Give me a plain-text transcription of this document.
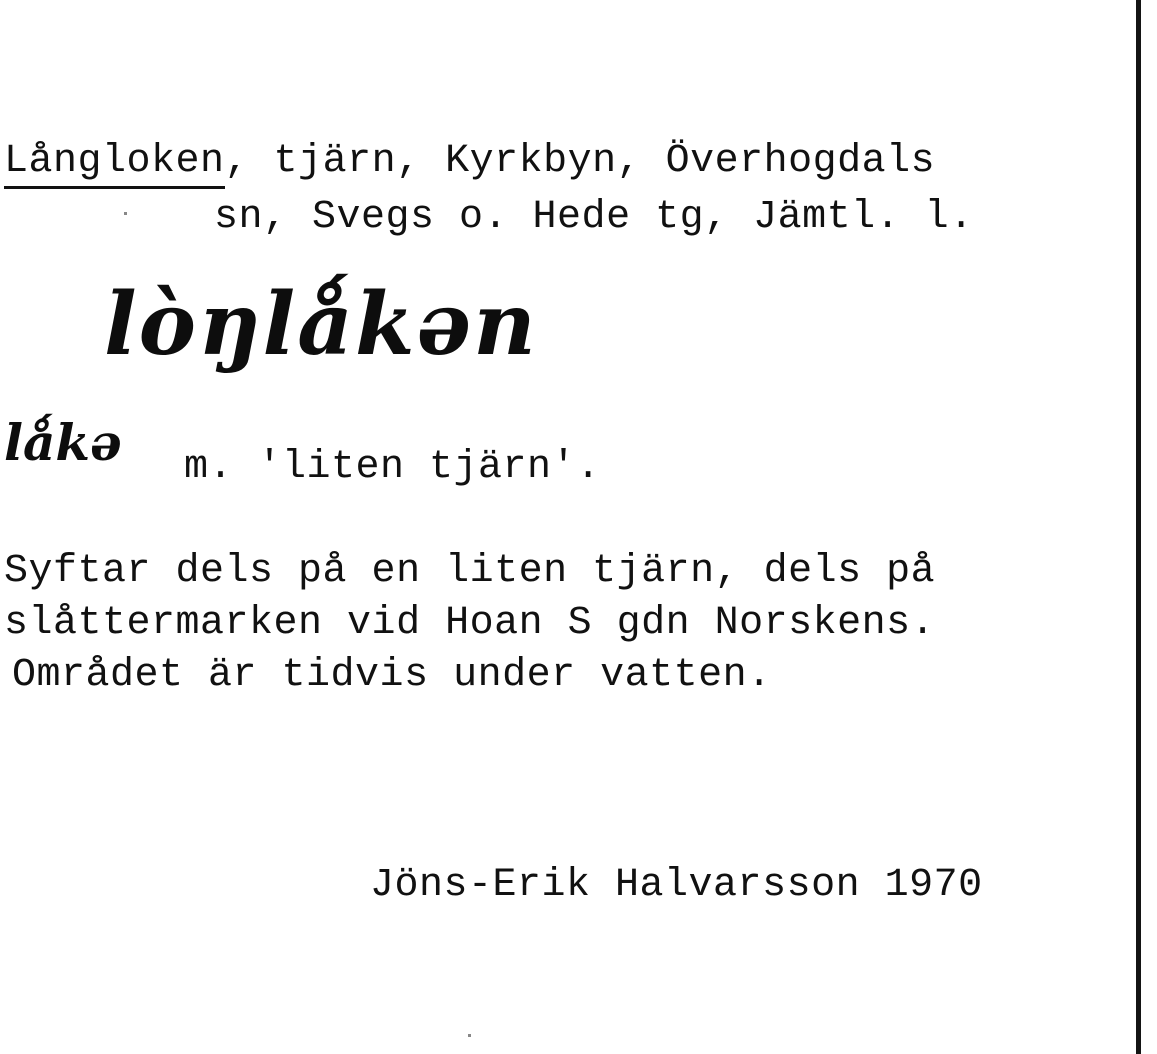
Långloken, tjärn, Kyrkbyn, Överhogdals
sn, Svegs o. Hede tg, Jämtl. l.
lòŋlǻkən
lǻkə m. 'liten tjärn'.
Syftar dels på en liten tjärn, dels på
slåttermarken vid Hoan S gdn Norskens.
Området är tidvis under vatten.
Jöns-Erik Halvarsson 1970
